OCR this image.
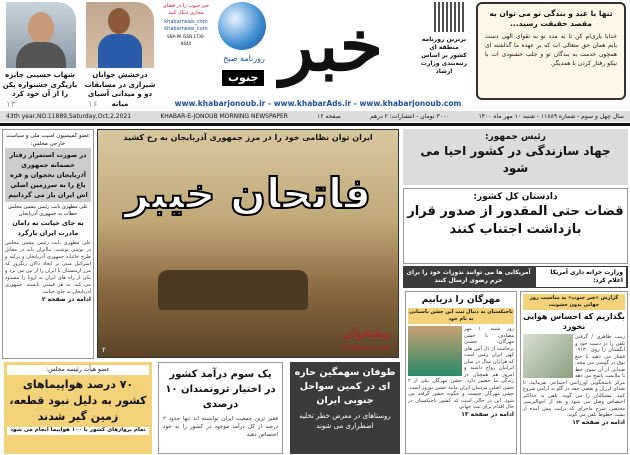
شهاب حسینی جایزه بازیگری جشنواره پکن را از آن خود کرد
۱۳
درخشش جوانان شیرازی در مسابقات دو و میدانی آسیای میانه
۱۶
خبر جنوب را در فضای مجازی دنبال کنید
khabarnews_com
khabarnews_com
SNA-PA ISSN 1730-8644
روزنامه صبح
جنوب خبر	برترین روزنامه منطقه ای کشور بر اساس رتبه‌بندی وزارت ارشاد
تنها با عبد و بندگی تو می توان به مقصد حقیقت رسید...
خدایا یاری‌ام کن تا به مدد تو به تقوای الهی دست یابم همان حق متعالی ات که بر عهده ما گذاشته ای همچون خدمت به بندگان تو و جلب خشنودی ات با نیکو رفتار کردن با همدیگر.
www.khabarjonoub.ir - www.khabarAds.ir - www.khabarjonoub.com
43th year,NO.11889,Saturday,Oct,2,2021	KHABAR-E-JONOUB MORNING NEWSPAPER	۱۶ صفحه	۳۰۰۰ تومان - انتشارات: ۲ درهم	سال چهل و سوم - شماره ۱۱۸۸۹ - شنبه ۱۰ مهر ماه ۱۴۰۰
عضو کمیسیون امنیت ملی و سیاست خارجی مجلس:
در صورت استمرار رفتار خصمانه جمهوری آذربایجان نخجوان و قره باغ را به سرزمین اصلی اش ایران باز می گردانیم
علی مطهری نایب رئیس پیشین مجلس خطاب به جمهوری آذربایجان
به جای خیانت به دامان مادرت ایران بازگرد
علی مطهری نایب رئیس پیشین مجلس در توئیتی نوشت: ماایران باید در مقابل طرح خائنانه جمهوری آذربایجان و ترکیه و اسرائیل مبنی بر ایجاد دالان زنگزور که مرز ارمنستان با ایران را از بین می برد و یکی از راه های ایران به اروپا را مسدود می کند، به هر قیمتی بایستد. جمهوری آذربایجان به جای خیانت
ادامه در صفحه ۲
ایران توان نظامی خود را در مرز جمهوری آذربایجان به رخ کشید
فاتحان خیبر
۲
پیشخوان
Pishkhan.com
رئیس جمهور:
جهاد سازندگی در کشور احیا می شود
دادستان کل کشور:
قضات حتی المقدور از صدور قرار بازداشت اجتناب کنند
وزارت خزانه داری آمریکا اعلام کرد:
آمریکایی ها می توانند نذورات خود را برای حرم رضوی ارسال کنند
گزارش «خبر جنوب» به مناسبت روز جهانی بدون خشونت
بگذاریم که احساس هوایی بخورد
زینب طاهری / گرفتن تلفن را در دست خود و انگشتان را روی ۰۹۱۳۰ فشار می دهید تا جیغ بوق در گوشی می پیچد. صدایی از آن سوی خط با ملایمت پاسخ می دهد مرکز پاسخگویی اورژانس اجتماعی بفرمایید. با صدای لرزان و بغضی خفه در گلو به آرامی شروع کنید. مشکلتان را می گوید، تلفن به حداکثر اختصاص وصل می شود و بعد از احوالپرسی مختصر، شرح ماجرای که برایت پیش آمده از پشت خطوط تلفن می گوید.
ادامه در صفحه ۱۳
مهرگان را دریابیم
تاجیکستان به دنبال ثبت این جشن باستانی به نام خود
روز شنبه ۱۰ مهر مصادف با جشن مهرگان، جشنی برخاسته از دل آیین های کهن ایران زمین است که هزاران سال در میان ایرانیان رواج داشته و امروز هم همچنان در زندگی ما حضور دارد. جشن مهرگان یکی از ۲ جشن اصلی مردمان ایران مانند جشن نوروز است. جشن مهرگان چیست و چگونه جشن گرفته می شود. این در حالی است که کشور تاجیکستان در حال اقدام برای ثبت جهانی
ادامه در صفحه ۱۳
عضو هیأت رئیسه مجلس:
۷۰ درصد هواپیماهای کشور به دلیل نبود قطعه، زمین گیر شدند
تمام پروازهای کشور با ۱۰۰ هواپیما انجام می شود
یک سوم درآمد کشور در اختیار ثروتمندان ۱۰ درصدی
فقیر ترین جمعیت ایران توانسته اند تنها حدود ۲ درصد از کل درآمد موجود در کشور را به خود اختصاص دهند
طوفان سهمگین حاره ای در کمین سواحل جنوبی ایران
روستاهای در معرض خطر تخلیه اضطراری می شوند
